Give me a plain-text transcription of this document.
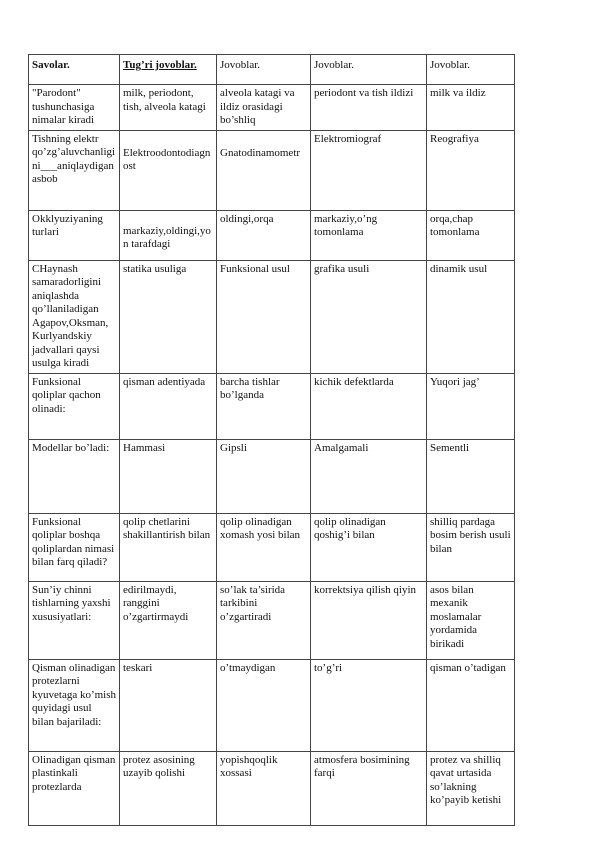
Savolar.	Tug’ri jovoblar.	Jovoblar.	Jovoblar.	Jovoblar.
"Parodont" tushunchasiga nimalar kiradi	milk, periodont, tish, alveola katagi	alveola katagi va ildiz orasidagi bo’shliq	periodont va tish ildizi	milk va ildiz
Tishning elektr qo’zg’aluvchanligini___aniqlaydigan asbob	Elektroodontodiagnost	Gnatodinamometr	Elektromiograf	Reografiya
Okklyuziyaning turlari	markaziy,oldingi,yon tarafdagi	oldingi,orqa	markaziy,o’ng tomonlama	orqa,chap tomonlama
CHaynash samaradorligini aniqlashda qo’llaniladigan Agapov,Oksman, Kurlyandskiy jadvallari qaysi usulga kiradi	statika usuliga	Funksional usul	grafika usuli	dinamik usul
Funksional qoliplar qachon olinadi:	qisman adentiyada	barcha tishlar bo’lganda	kichik defektlarda	Yuqori jag’
Modellar bo’ladi:	Hammasi	Gipsli	Amalgamali	Sementli
Funksional qoliplar boshqa qoliplardan nimasi bilan farq qiladi?	qolip chetlarini shakillantirish bilan	qolip olinadigan xomash yosi bilan	qolip olinadigan qoshig’i bilan	shilliq pardaga bosim berish usuli bilan
Sun’iy chinni tishlarning yaxshi xususiyatlari:	edirilmaydi, ranggini o’zgartirmaydi	so’lak ta’sirida tarkibini o’zgartiradi	korrektsiya qilish qiyin	asos bilan mexanik moslamalar yordamida birikadi
Qisman olinadigan protezlarni kyuvetaga ko’mish quyidagi usul bilan bajariladi:	teskari	o’tmaydigan	to’g’ri	qisman o’tadigan
Olinadigan qisman plastinkali protezlarda	protez asosining uzayib qolishi	yopishqoqlik xossasi	atmosfera bosimining farqi	protez va shilliq qavat urtasida so’lakning ko’payib ketishi
